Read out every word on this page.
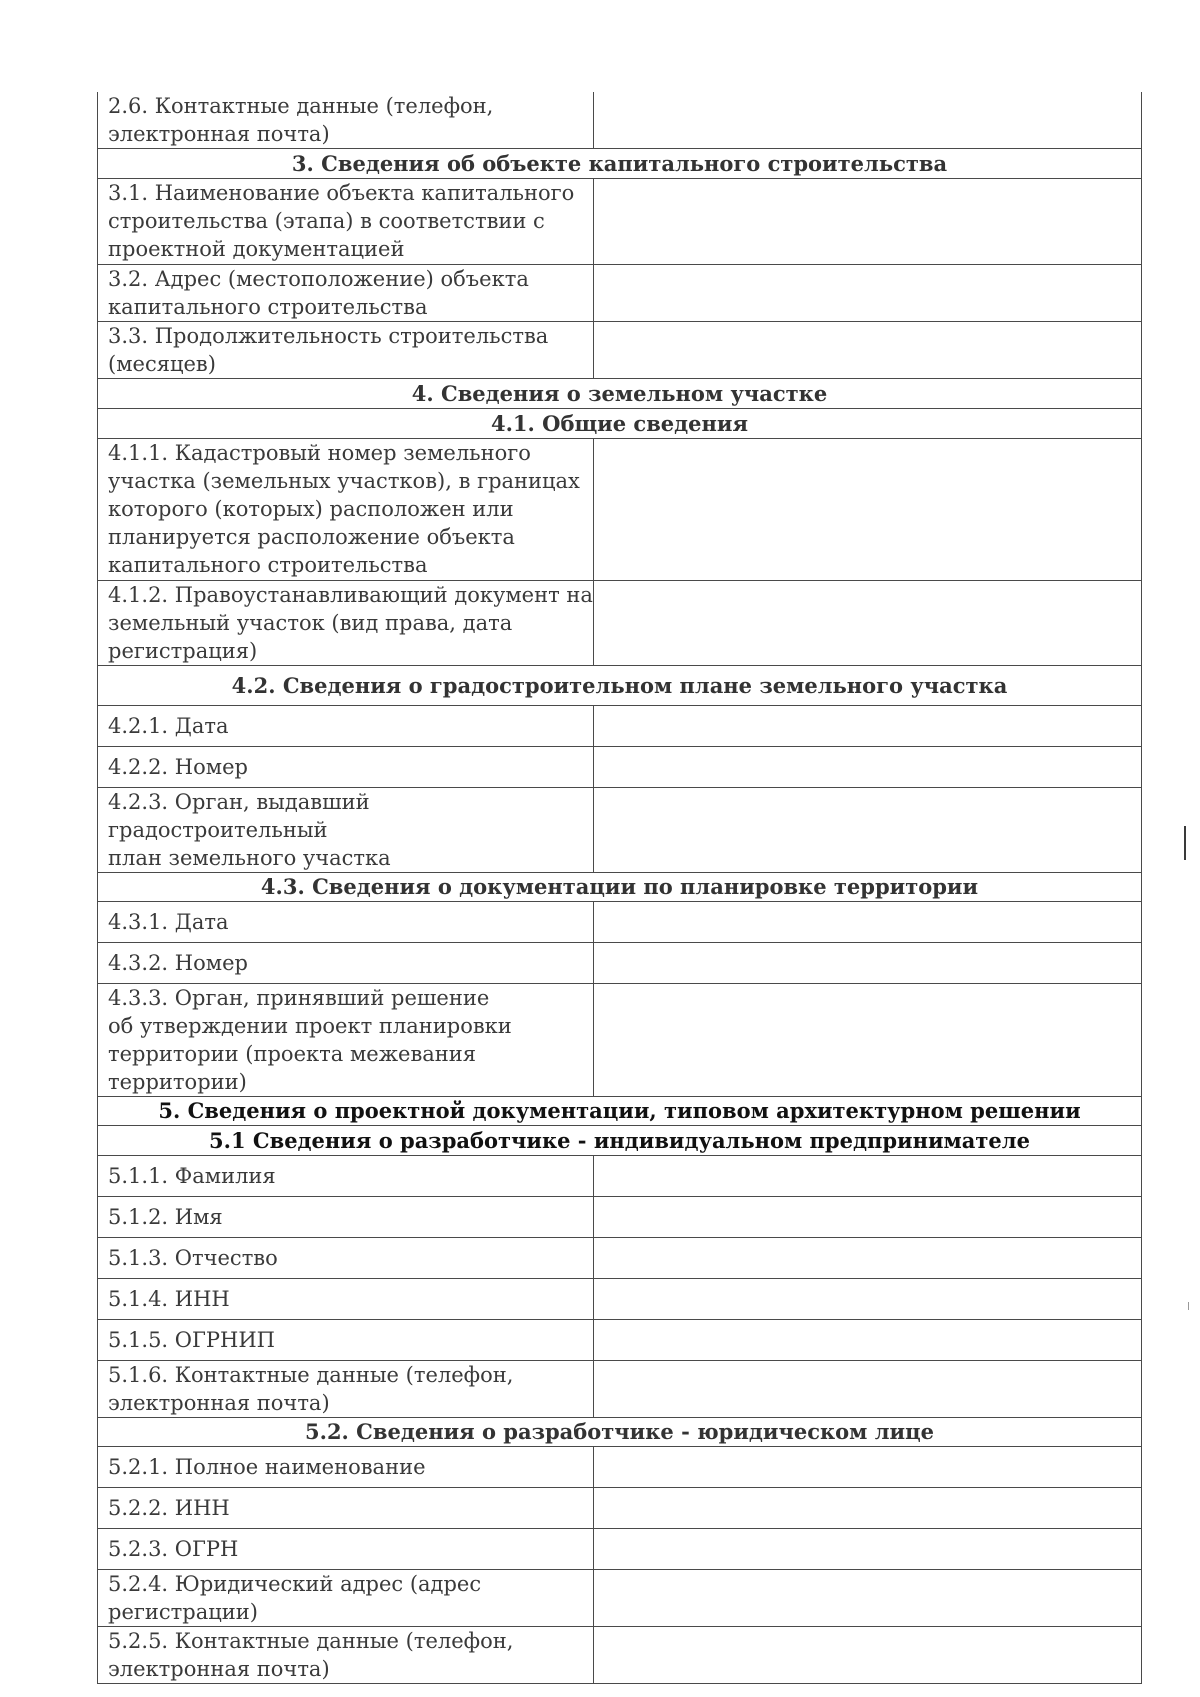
2.6. Контактные данные (телефон,
электронная почта)	
3. Сведения об объекте капитального строительства	
3.1. Наименование объекта капитального
строительства (этапа) в соответствии с
проектной документацией	
3.2. Адрес (местоположение) объекта
капитального строительства	
3.3. Продолжительность строительства
(месяцев)	
4. Сведения о земельном участке	
4.1. Общие сведения	
4.1.1. Кадастровый номер земельного
участка (земельных участков), в границах
которого (которых) расположен или
планируется расположение объекта
капитального строительства	
4.1.2. Правоустанавливающий документ на
земельный участок (вид права, дата
регистрация)	
4.2. Сведения о градостроительном плане земельного участка	
4.2.1. Дата	
4.2.2. Номер	
4.2.3. Орган, выдавший градостроительный
план земельного участка	
4.3. Сведения о документации по планировке территории	
4.3.1. Дата	
4.3.2. Номер	
4.3.3. Орган, принявший решение
об утверждении проект планировки
территории (проекта межевания территории)	
5. Сведения о проектной документации, типовом архитектурном решении	
5.1 Сведения о разработчике - индивидуальном предпринимателе	
5.1.1. Фамилия	
5.1.2. Имя	
5.1.3. Отчество	
5.1.4. ИНН	
5.1.5. ОГРНИП	
5.1.6. Контактные данные (телефон,
электронная почта)	
5.2. Сведения о разработчике - юридическом лице	
5.2.1. Полное наименование	
5.2.2. ИНН	
5.2.3. ОГРН	
5.2.4. Юридический адрес (адрес
регистрации)	
5.2.5. Контактные данные (телефон,
электронная почта)	
